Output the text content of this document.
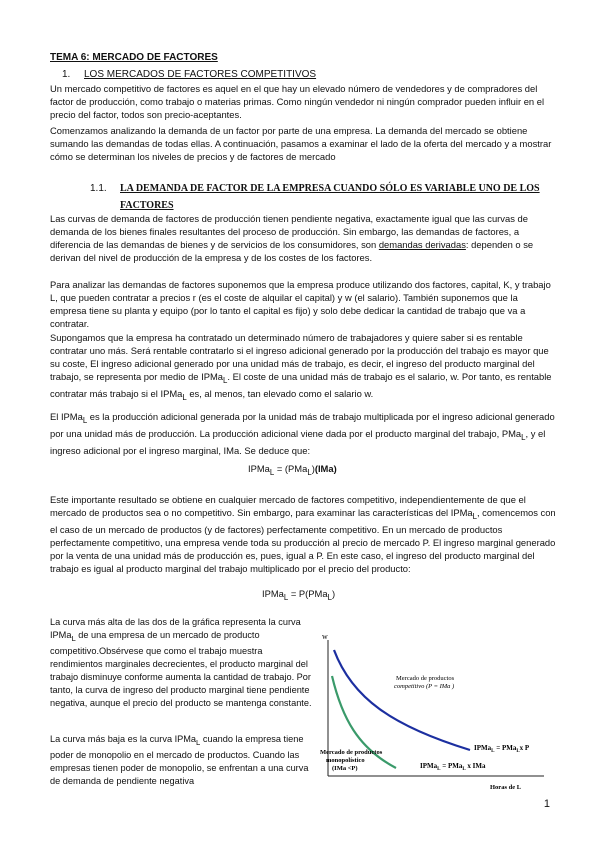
TEMA 6: MERCADO DE FACTORES
1. LOS MERCADOS DE FACTORES COMPETITIVOS

Un mercado competitivo de factores es aquel en el que hay un elevado número de vendedores y de compradores del factor de producción, como trabajo o materias primas. Como ningún vendedor ni ningún comprador pueden influir en el precio del factor, todos son precio-aceptantes.

Comenzamos analizando la demanda de un factor por parte de una empresa. La demanda del mercado se obtiene sumando las demandas de todas ellas. A continuación, pasamos a examinar el lado de la oferta del mercado y a mostrar cómo se determinan los niveles de precios y de factores de mercado

1.1.	LA DEMANDA DE FACTOR DE LA EMPRESA CUANDO SÓLO ES VARIABLE UNO DE LOS FACTORES

Las curvas de demanda de factores de producción tienen pendiente negativa, exactamente igual que las curvas de demanda de los bienes finales resultantes del proceso de producción. Sin embargo, las demandas de factores, a diferencia de las demandas de bienes y de servicios de los consumidores, son demandas derivadas: dependen o se derivan del nivel de producción de la empresa y de los costes de los factores.

Para analizar las demandas de factores suponemos que la empresa produce utilizando dos factores, capital, K, y trabajo L, que pueden contratar a precios r (es el coste de alquilar el capital) y w (el salario). También suponemos que la empresa tiene su planta y equipo (por lo tanto el capital es fijo) y solo debe dedicar la cantidad de trabajo que va a contratar.

Supongamos que la empresa ha contratado un determinado número de trabajadores y quiere saber si es rentable contratar uno más. Será rentable contratarlo si el ingreso adicional generado por la producción del trabajo es mayor que su coste, El ingreso adicional generado por una unidad más de trabajo, es decir, el ingreso del producto marginal del trabajo, se representa por medio de IPMa$_L$. El coste de una unidad más de trabajo es el salario, w. Por tanto, es rentable contratar más trabajo si el IPMa$_L$ es, al menos, tan elevado como el salario w.

El IPMa$_L$ es la producción adicional generada por la unidad más de trabajo multiplicada por el ingreso adicional generado por una unidad más de producción. La producción adicional viene dada por el producto marginal del trabajo, PMa$_L$, y el ingreso adicional por el ingreso marginal, IMa. Se deduce que:

IPMa$_L$ = (PMa$_L$)(IMa)

Este importante resultado se obtiene en cualquier mercado de factores competitivo, independientemente de que el mercado de productos sea o no competitivo. Sin embargo, para examinar las características del IPMa$_L$, comencemos con el caso de un mercado de productos (y de factores) perfectamente competitivo. En un mercado de productos perfectamente competitivo, una empresa vende toda su producción al precio de mercado P. El ingreso marginal generado por la venta de una unidad más de producción es, pues, igual a P. En este caso, el ingreso del producto marginal del trabajo es igual al producto marginal del trabajo multiplicado por el precio del producto:

IPMa$_L$ = P(PMa$_L$)

La curva más alta de las dos de la gráfica representa la curva IPMa$_L$ de una empresa de un mercado de producto competitivo.Obsérvese que como el trabajo muestra rendimientos marginales decrecientes, el producto marginal del trabajo disminuye conforme aumenta la cantidad de trabajo. Por tanto, la curva de ingreso del producto marginal tiene pendiente negativa, aunque el precio del producto se mantenga constante.

La curva más baja es la curva IPMa$_L$ cuando la empresa tiene poder de monopolio en el mercado de productos. Cuando las empresas tienen poder de monopolio, se enfrentan a una curva de demanda de pendiente negativa

w
Horas de L
Mercado de productos
competitivo (P = IMa )
Mercado de productos
monopolístico
(IMa <P)
IPMa$_L$ = PMa$_L$x P
IPMa$_L$ = PMa$_L$ x IMa
1
